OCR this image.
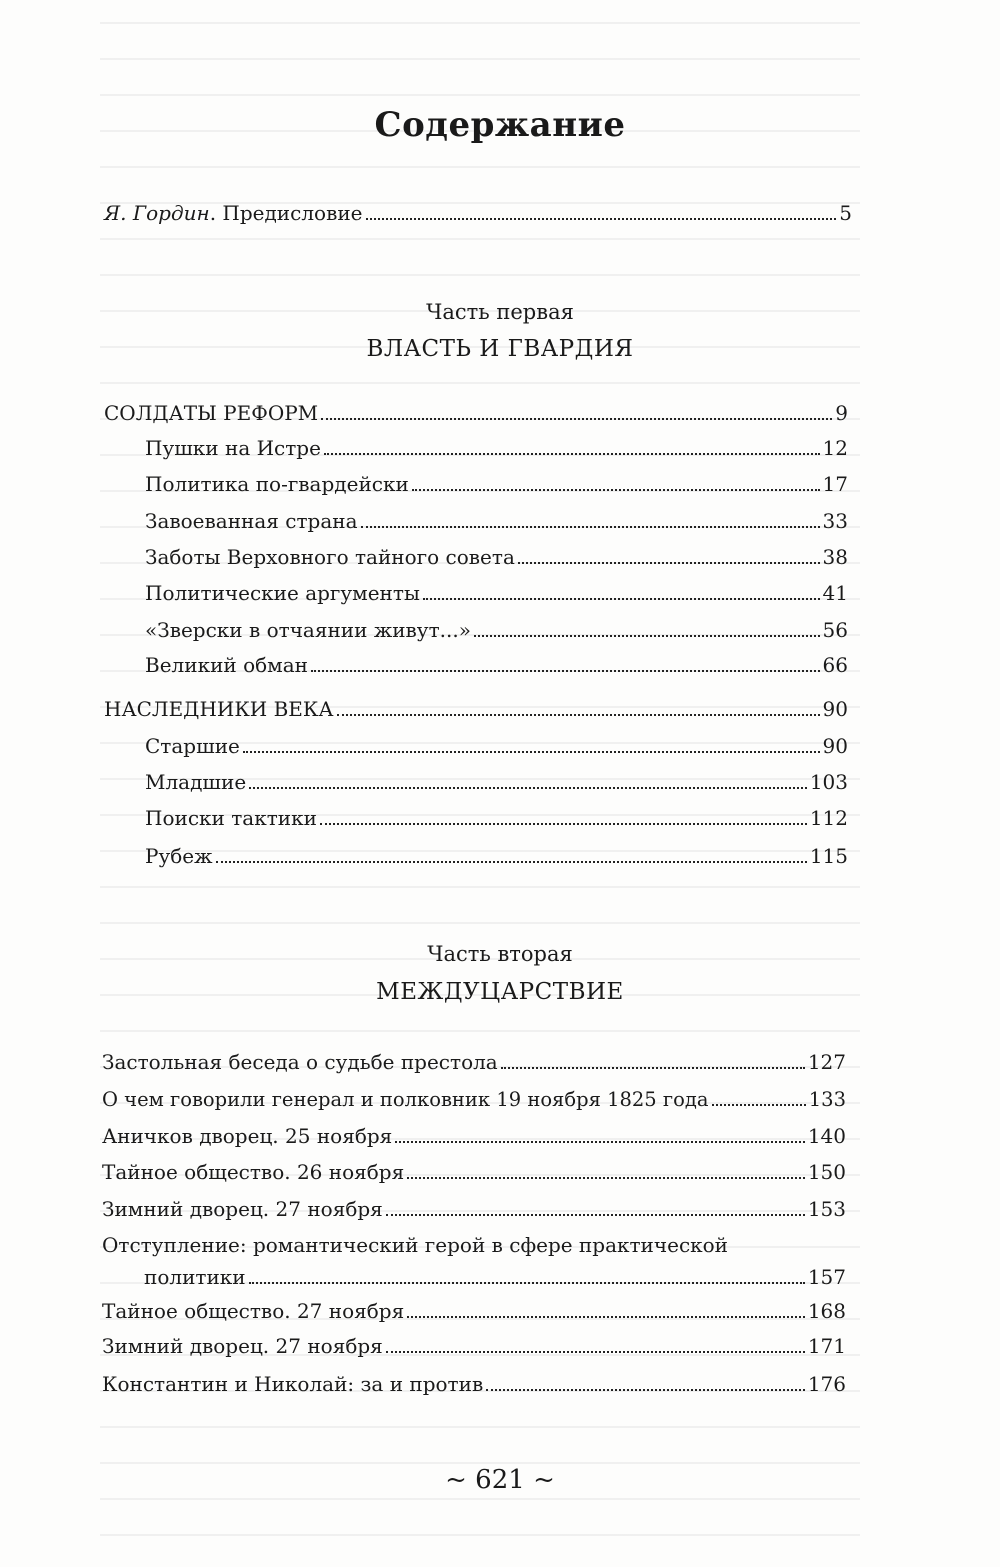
Содержание
Я. Гордин. Предисловие	5
Часть первая
ВЛАСТЬ И ГВАРДИЯ
СОЛДАТЫ РЕФОРМ	9
Пушки на Истре	12
Политика по-гвардейски	17
Завоеванная страна	33
Заботы Верховного тайного совета	38
Политические аргументы	41
«Зверски в отчаянии живут...»	56
Великий обман	66
НАСЛЕДНИКИ ВЕКА	90
Старшие	90
Младшие	103
Поиски тактики	112
Рубеж	115
Часть вторая
МЕЖДУЦАРСТВИЕ
Застольная беседа о судьбе престола	127
О чем говорили генерал и полковник 19 ноября 1825 года	133
Аничков дворец. 25 ноября	140
Тайное общество. 26 ноября	150
Зимний дворец. 27 ноября	153
Отступление: романтический герой в сфере практической
политики	157
Тайное общество. 27 ноября	168
Зимний дворец. 27 ноября	171
Константин и Николай: за и против	176
~ 621 ~
